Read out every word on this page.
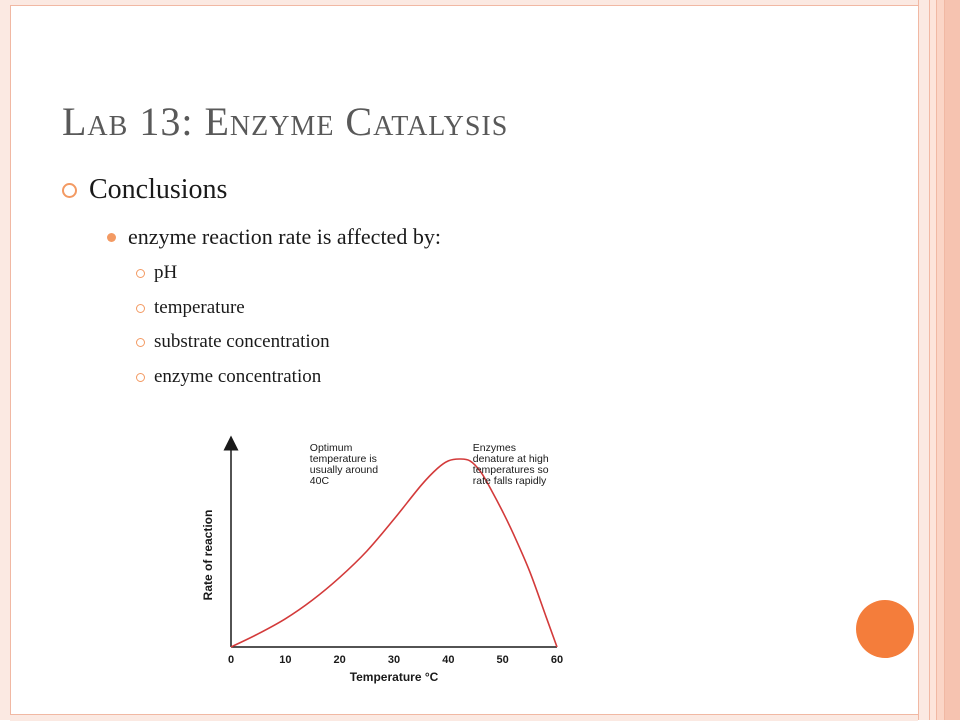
Lab 13: Enzyme Catalysis
Conclusions
enzyme reaction rate is affected by:
pH
temperature
substrate concentration
enzyme concentration
Rate of reaction
Temperature °C
0	10	20	30	40	50	60
Optimum temperature is usually around 40C
Enzymes denature at high temperatures so rate falls rapidly
